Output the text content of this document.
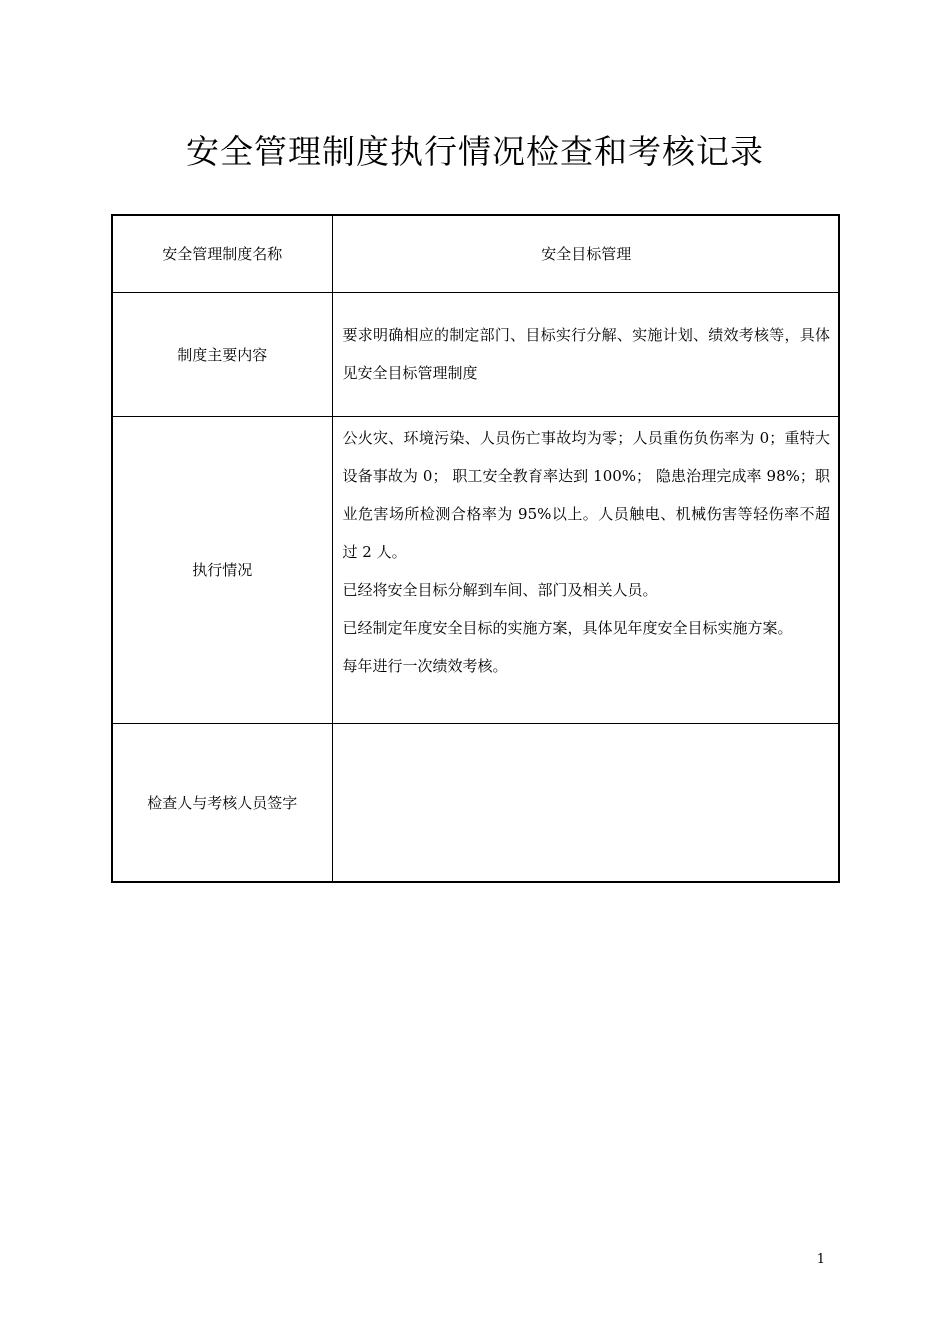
安全管理制度执行情况检查和考核记录
安全管理制度名称	安全目标管理
制度主要内容	要求明确相应的制定部门、目标实行分解、实施计划、绩效考核等，具体见安全目标管理制度

执行情况	公火灾、环境污染、人员伤亡事故均为零；人员重伤负伤率为 0；重特大设备事故为 0； 职工安全教育率达到 100%； 隐患治理完成率 98%；职业危害场所检测合格率为 95%以上。人员触电、机械伤害等轻伤率不超过 2 人。
已经将安全目标分解到车间、部门及相关人员。
已经制定年度安全目标的实施方案，具体见年度安全目标实施方案。
每年进行一次绩效考核。

检查人与考核人员签字	
1
